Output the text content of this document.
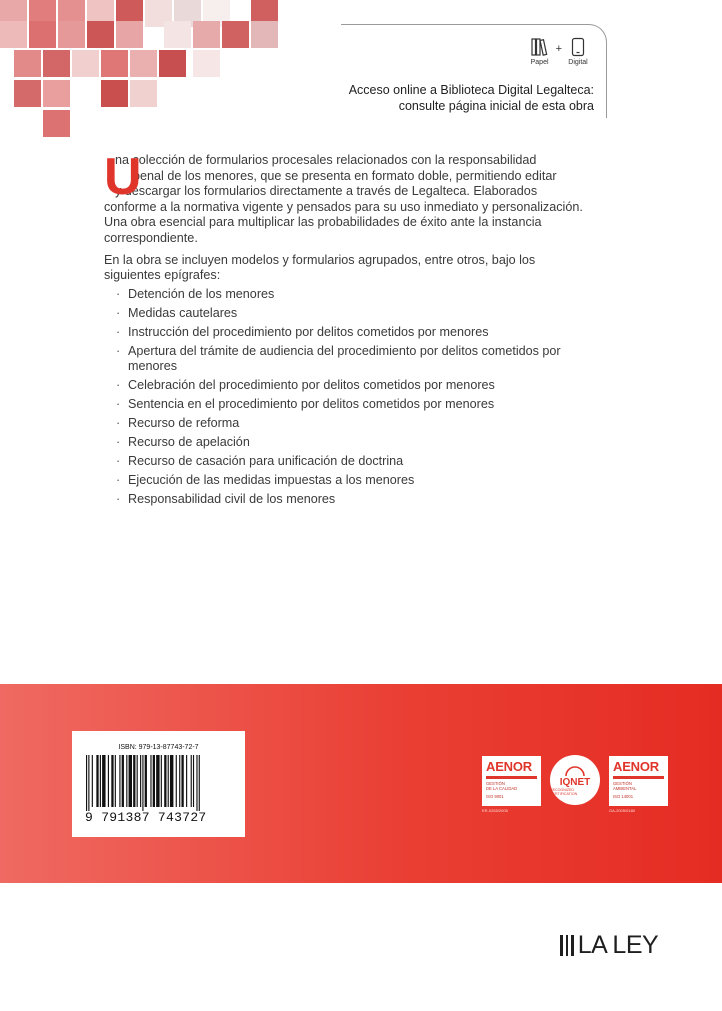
Papel
+
Digital
Acceso online a Biblioteca Digital Legalteca:
consulte página inicial de esta obra
U
na colección de formularios procesales relacionados con la responsabilidad
penal de los menores, que se presenta en formato doble, permitiendo editar
y descargar los formularios directamente a través de Legalteca. Elaborados
conforme a la normativa vigente y pensados para su uso inmediato y personalización.
Una obra esencial para multiplicar las probabilidades de éxito ante la instancia
correspondiente.
En la obra se incluyen modelos y formularios agrupados, entre otros, bajo los
siguientes epígrafes:
· Detención de los menores
· Medidas cautelares
· Instrucción del procedimiento por delitos cometidos por menores
· Apertura del trámite de audiencia del procedimiento por delitos cometidos por
menores
· Celebración del procedimiento por delitos cometidos por menores
· Sentencia en el procedimiento por delitos cometidos por menores
· Recurso de reforma
· Recurso de apelación
· Recurso de casación para unificación de doctrina
· Ejecución de las medidas impuestas a los menores
· Responsabilidad civil de los menores
ISBN: 979-13-87743-72-7
9 791387 743727
AENOR
GESTIÓN
DE LA CALIDAD
ISO 9001
ER-0265/2005
IQNET
RECOGNIZED CERTIFICATION
AENOR
GESTIÓN
AMBIENTAL
ISO 14001
GA-2005/0180
LA LEY
